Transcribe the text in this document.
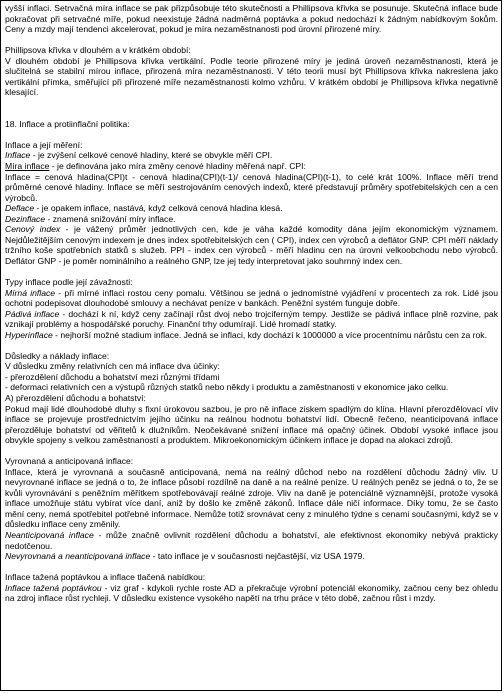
vyšší inflaci. Setrvačná míra inflace se pak přizpůsobuje této skutečnosti a Phillipsova křivka se posunuje. Skutečná inflace bude pokračovat při setrvačné míře, pokud neexistuje žádná nadměrná poptávka a pokud nedochází k žádným nabídkovým šokům. Ceny a mzdy mají tendenci akcelerovat, pokud je míra nezaměstnanosti pod úrovní přirozené míry.

Phillipsova křivka v dlouhém a v krátkém období:

V dlouhém období je Phillipsova křivka vertikální. Podle teorie přirozené míry je jediná úroveň nezaměstnanosti, která je slučitelná se stabilní mírou inflace, přirozená míra nezaměstnanosti. V této teorii musí být Phillipsova křivka nakreslena jako vertikální přímka, směřující při přirozené míře nezaměstnanosti kolmo vzhůru. V krátkém období je Phillipsova křivka negativně klesající.

18. Inflace a protiinflační politika:

Inflace a její měření:

Inflace - je zvýšení celkové cenové hladiny, které se obvykle měří CPI.

Míra inflace - je definována jako míra změny cenové hladiny měřená např. CPI:

Inflace = cenová hladina(CPI)t - cenová hladina(CPI)(t-1)/ cenová hladina(CPI)(t-1), to celé krát 100%. Inflace měří trend průměrné cenové hladiny. Inflace se měří sestrojováním cenových indexů, které představují průměry spotřebitelských cen a cen výrobců.

Deflace - je opakem inflace, nastává, když celková cenová hladina klesá.

Dezinflace - znamená snižování míry inflace.

Cenový index - je vážený průměr jednotlivých cen, kde je váha každé komodity dána jejím ekonomickým významem. Nejdůležitějším cenovým indexem je dnes index spotřebitelských cen ( CPI), index cen výrobců a deflátor GNP. CPI měří náklady tržního koše spotřebních statků s služeb. PPI - index cen výrobců - měří hladinu cen na úrovni velkoobchodu nebo výrobců. Deflátor GNP - je poměr nominálního a reálného GNP, lze jej tedy interpretovat jako souhrnný index cen.

Typy inflace podle její závažnosti:

Mírná inflace - při mírné inflaci rostou ceny pomalu. Většinou se jedná o jednomístné vyjádření v procentech za rok. Lidé jsou ochotni podepisovat dlouhodobé smlouvy a nechávat peníze v bankách. Peněžní systém funguje dobře.

Pádivá inflace - dochází k ní, když ceny začínají růst dvoj nebo trojciferným tempy. Jestliže se pádivá inflace plně rozvine, pak vznikají problémy a hospodářské poruchy. Finanční trhy odumírají. Lidé hromadí statky.

Hyperinflace - nejhorší možné stadium inflace. Jedná se inflaci, kdy dochází k 1000000 a více procentnímu nárůstu cen za rok.

Důsledky a náklady inflace:

V důsledku změny relativních cen má inflace dva účinky:

- přerozdělení důchodu a bohatství mezi různými třídami

- deformaci relativních cen a výstupů různých statků nebo někdy i produktu a zaměstnanosti v ekonomice jako celku.

A) přerozdělení důchodu a bohatství:

Pokud mají lidé dlouhodobé dluhy s fixní úrokovou sazbou, je pro ně inflace ziskem spadlým do klína. Hlavní přerozdělovací vliv inflace se projevuje prostřednictvím jejího účinku na reálnou hodnotu bohatství lidí. Obecně řečeno, neanticipovaná inflace přerozděluje bohatství od věřitelů k dlužníkům. Neočekávané snížení inflace má opačný účinek. Období vysoké inflace jsou obvykle spojeny s velkou zaměstnaností a produktem. Mikroekonomickým účinkem inflace je dopad na alokaci zdrojů.

Vyrovnaná a anticipovaná inflace:

Inflace, která je vyrovnaná a současně anticipovaná, nemá na reálný důchod nebo na rozdělení důchodu žádný vliv. U nevyrovnané inflace se jedná o to, že inflace působí rozdílně na daně a na reálné peníze. U reálných peněz se jedná o to, že se kvůli vyrovnávání s peněžním měřítkem spotřebovávají reálné zdroje. Vliv na daně je potenciálně významnější, protože vysoká inflace umožňuje státu vybírat více daní, aniž by došlo ke změně zákonů. Inflace dále ničí informace. Díky tomu, že se často mění ceny, nemá spotřebitel potřebné informace. Nemůže totiž srovnávat ceny z minulého týdne s cenami současnými, když se v důsledku inflace ceny změnily.

Neanticipovaná inflace - může značně ovlivnit rozdělení důchodu a bohatství, ale efektivnost ekonomiky nebývá prakticky nedotčenou.

Nevyrovnaná a neanticipovaná inflace - tato inflace je v současnosti nejčastější, viz USA 1979.

Inflace tažená poptávkou a inflace tlačená nabídkou:

Inflace tažená poptávkou - viz graf - kdykoli rychle roste AD a překračuje výrobní potenciál ekonomiky, začnou ceny bez ohledu na zdroj inflace růst rychleji. V důsledku existence vysokého napětí na trhu práce v této době, začnou růst i mzdy.
